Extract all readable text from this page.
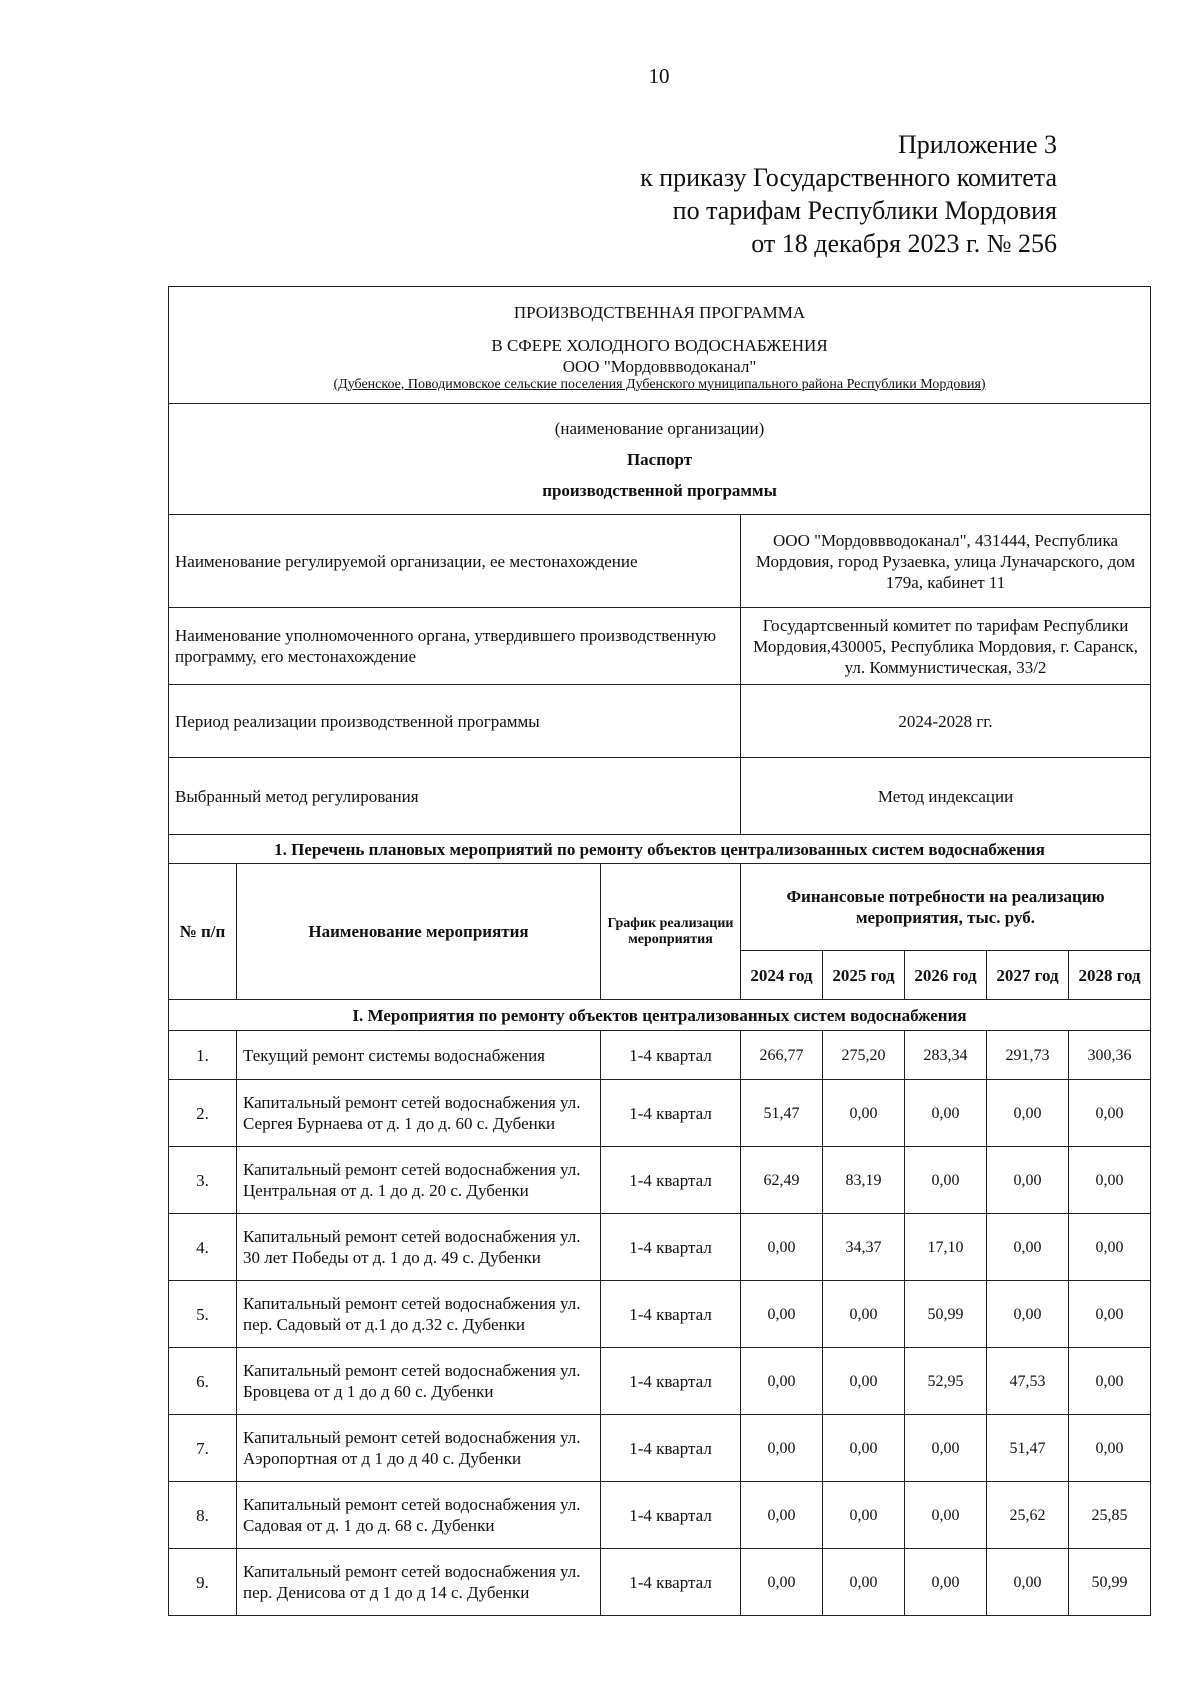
10
Приложение 3
к приказу Государственного комитета
по тарифам Республики Мордовия
от 18 декабря 2023 г. № 256
ПРОИЗВОДСТВЕННАЯ ПРОГРАММА
В СФЕРЕ ХОЛОДНОГО ВОДОСНАБЖЕНИЯ
ООО "Мордоввводоканал"
(Дубенское, Поводимовское сельские поселения Дубенского муниципального района Республики Мордовия)							

(наименование организации)
Паспорт
производственной программы							

Наименование регулируемой организации, ее местонахождение			ООО "Мордоввводоканал", 431444, Республика Мордовия, город Рузаевка, улица Луначарского, дом 179а, кабинет 11				
Наименование уполномоченного органа, утвердившего производственную программу, его местонахождение			Государтсвенный комитет по тарифам Республики Мордовия,430005, Республика Мордовия, г. Саранск, ул. Коммунистическая, 33/2				
Период реализации производственной программы			2024-2028 гг.				
Выбранный метод регулирования			Метод индексации				
1. Перечень плановых мероприятий по ремонту объектов централизованных систем водоснабжения							
№ п/п	Наименование мероприятия	График реализации мероприятия	Финансовые потребности на реализацию мероприятия, тыс. руб.				
			2024 год	2025 год	2026 год	2027 год	2028 год
I. Мероприятия по ремонту объектов централизованных систем водоснабжения							
1.	Текущий ремонт системы водоснабжения	1-4 квартал	266,77	275,20	283,34	291,73	300,36
2.	Капитальный ремонт сетей водоснабжения ул. Сергея Бурнаева от д. 1 до д. 60 с. Дубенки	1-4 квартал	51,47	0,00	0,00	0,00	0,00
3.	Капитальный ремонт сетей водоснабжения ул. Центральная от д. 1 до д. 20 с. Дубенки	1-4 квартал	62,49	83,19	0,00	0,00	0,00
4.	Капитальный ремонт сетей водоснабжения ул. 30 лет Победы от д. 1 до д. 49 с. Дубенки	1-4 квартал	0,00	34,37	17,10	0,00	0,00
5.	Капитальный ремонт сетей водоснабжения ул. пер. Садовый от д.1 до д.32 с. Дубенки	1-4 квартал	0,00	0,00	50,99	0,00	0,00
6.	Капитальный ремонт сетей водоснабжения ул. Бровцева от д 1 до д 60 с. Дубенки	1-4 квартал	0,00	0,00	52,95	47,53	0,00
7.	Капитальный ремонт сетей водоснабжения ул. Аэропортная от д 1 до д 40 с. Дубенки	1-4 квартал	0,00	0,00	0,00	51,47	0,00
8.	Капитальный ремонт сетей водоснабжения ул. Садовая от д. 1 до д. 68 с. Дубенки	1-4 квартал	0,00	0,00	0,00	25,62	25,85
9.	Капитальный ремонт сетей водоснабжения ул. пер. Денисова от д 1 до д 14 с. Дубенки	1-4 квартал	0,00	0,00	0,00	0,00	50,99
